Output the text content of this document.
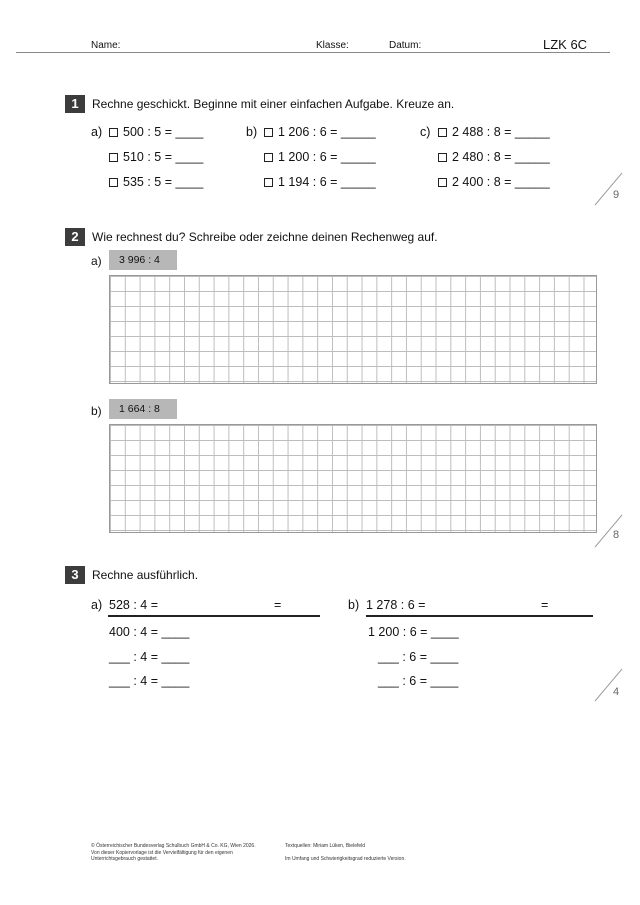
Name:	Klasse:	Datum:	LZK 6C
1	Rechne geschickt. Beginne mit einer einfachen Aufgabe. Kreuze an.
a) 500 : 5 = ____
510 : 5 = ____
535 : 5 = ____
b) 1 206 : 6 = _____
1 200 : 6 = _____
1 194 : 6 = _____
c) 2 488 : 8 = _____
2 480 : 8 = _____
2 400 : 8 = _____
9
2	Wie rechnest du? Schreibe oder zeichne deinen Rechenweg auf.
a)	3 996 : 4
b)	1 664 : 8
8
3	Rechne ausführlich.
a) 528 : 4 =	=
400 : 4 = ____
___ : 4 = ____
___ : 4 = ____
b) 1 278 : 6 =	=
1 200 : 6 = ____
___ : 6 = ____
___ : 6 = ____
4
© Österreichischer Bundesverlag Schulbuch GmbH & Co. KG, Wien 2026.
Von dieser Kopiervorlage ist die Vervielfältigung für den eigenen
Unterrichtsgebrauch gestattet.
Textquellen: Miriam Lüken, Bielefeld
Im Umfang und Schwierigkeitsgrad reduzierte Version.
